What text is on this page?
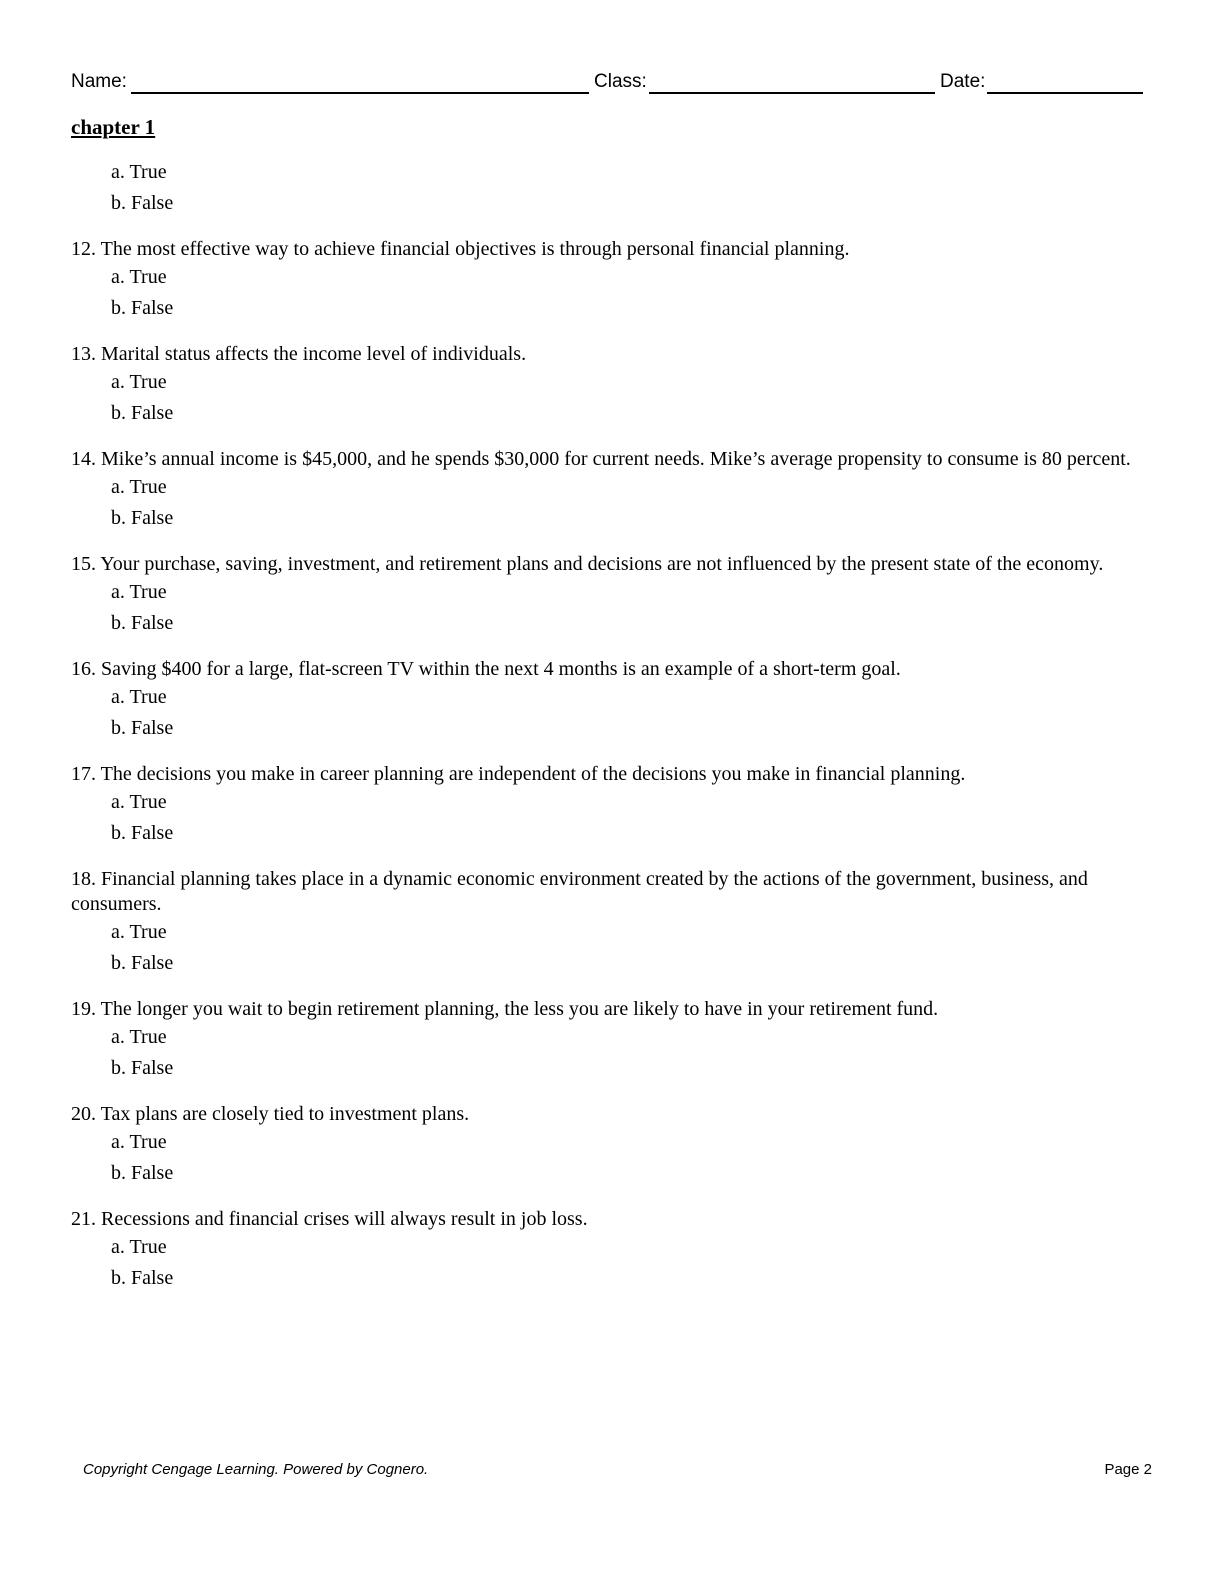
Name:	Class:	Date:
chapter 1
a. True
b. False
12. The most effective way to achieve financial objectives is through personal financial planning.
a. True
b. False
13. Marital status affects the income level of individuals.
a. True
b. False
14. Mike’s annual income is $45,000, and he spends $30,000 for current needs. Mike’s average propensity to consume is 80 percent.
a. True
b. False
15. Your purchase, saving, investment, and retirement plans and decisions are not influenced by the present state of the economy.
a. True
b. False
16. Saving $400 for a large, flat-screen TV within the next 4 months is an example of a short-term goal.
a. True
b. False
17. The decisions you make in career planning are independent of the decisions you make in financial planning.
a. True
b. False
18. Financial planning takes place in a dynamic economic environment created by the actions of the government, business, and consumers.
a. True
b. False
19. The longer you wait to begin retirement planning, the less you are likely to have in your retirement fund.
a. True
b. False
20. Tax plans are closely tied to investment plans.
a. True
b. False
21. Recessions and financial crises will always result in job loss.
a. True
b. False
Copyright Cengage Learning. Powered by Cognero.	Page 2
